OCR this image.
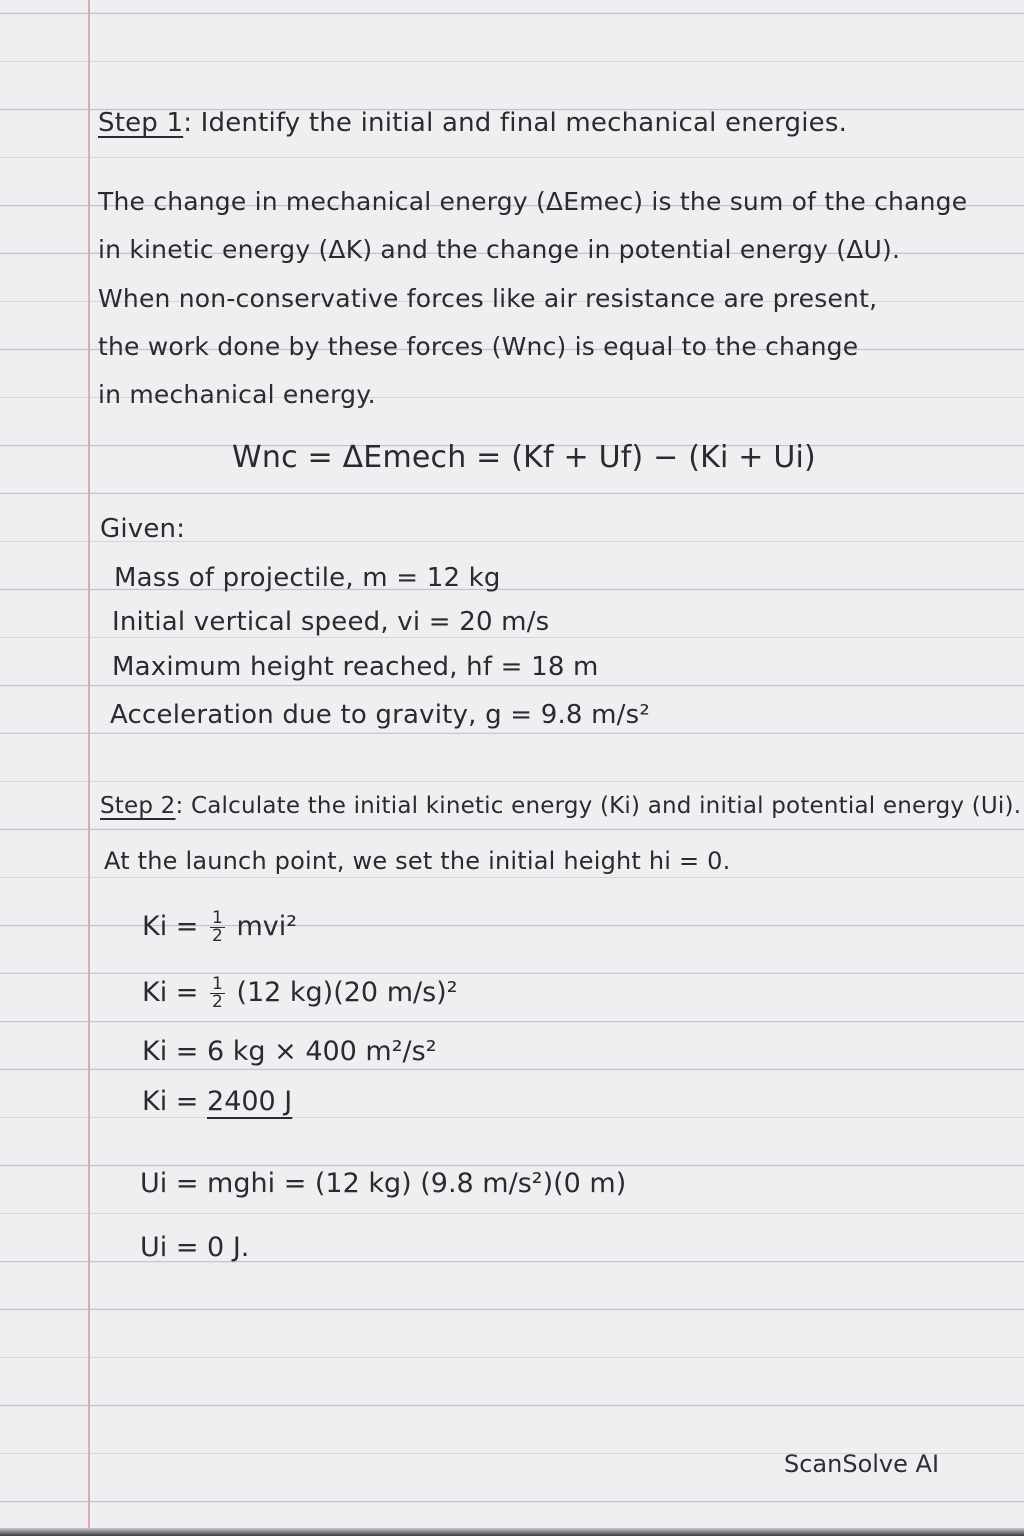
Step 1: Identify the initial and final mechanical energies.
The change in mechanical energy (ΔEmec) is the sum of the change
in kinetic energy (ΔK) and the change in potential energy (ΔU).
When non-conservative forces like air resistance are present,
the work done by these forces (Wnc) is equal to the change
in mechanical energy.
Wnc = ΔEmech = (Kf + Uf) − (Ki + Ui)
Given:
Mass of projectile, m = 12 kg
Initial vertical speed, vi = 20 m/s
Maximum height reached, hf = 18 m
Acceleration due to gravity, g = 9.8 m/s²
Step 2: Calculate the initial kinetic energy (Ki) and initial potential energy (Ui).
At the launch point, we set the initial height hi = 0.
$Ki = \frac{1}{2} mvi^2$
$Ki = \frac{1}{2} (12$ kg)(20 m/s)²
Ki = 6 kg × 400 m²/s²
Ki = 2400 J
Ui = mghi = (12 kg) (9.8 m/s²)(0 m)
Ui = 0 J.
ScanSolve AI
